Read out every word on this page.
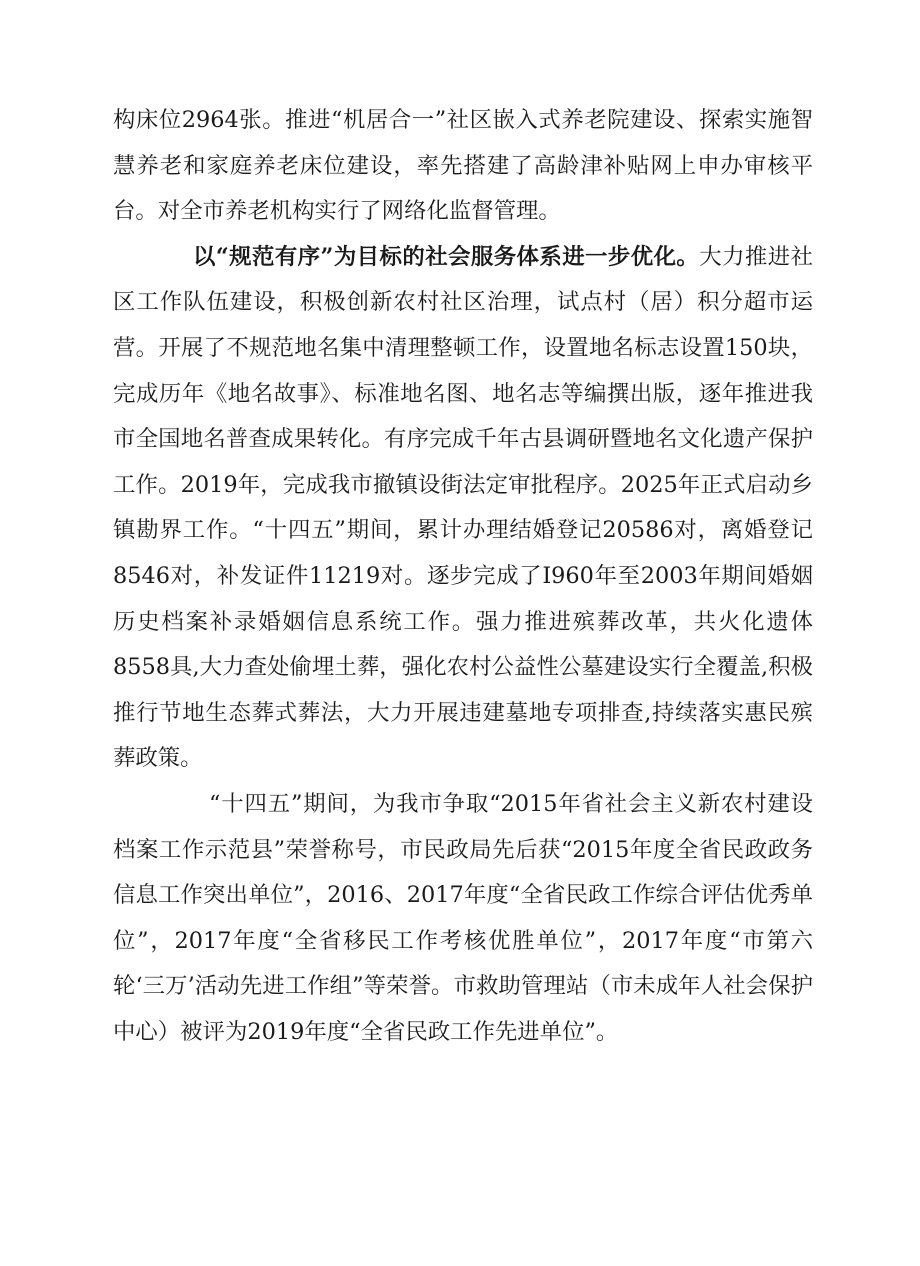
构床位2964张。推进“机居合一”社区嵌入式养老院建设、探索实施智慧养老和家庭养老床位建设，率先搭建了高龄津补贴网上申办审核平台。对全市养老机构实行了网络化监督管理。

以“规范有序”为目标的社会服务体系进一步优化。大力推进社区工作队伍建设，积极创新农村社区治理，试点村（居）积分超市运营。开展了不规范地名集中清理整顿工作，设置地名标志设置150块，完成历年《地名故事》、标准地名图、地名志等编撰出版，逐年推进我市全国地名普查成果转化。有序完成千年古县调研暨地名文化遗产保护工作。2019年，完成我市撤镇设街法定审批程序。2025年正式启动乡镇勘界工作。“十四五”期间，累计办理结婚登记20586对，离婚登记8546对，补发证件11219对。逐步完成了I960年至2003年期间婚姻历史档案补录婚姻信息系统工作。强力推进殡葬改革，共火化遗体8558具,大力查处偷埋土葬，强化农村公益性公墓建设实行全覆盖,积极推行节地生态葬式葬法，大力开展违建墓地专项排查,持续落实惠民殡葬政策。

“十四五”期间，为我市争取“2015年省社会主义新农村建设档案工作示范县”荣誉称号，市民政局先后获“2015年度全省民政政务信息工作突出单位”，2016、2017年度“全省民政工作综合评估优秀单位”，2017年度“全省移民工作考核优胜单位”，2017年度“市第六轮‘三万’活动先进工作组”等荣誉。市救助管理站（市未成年人社会保护中心）被评为2019年度“全省民政工作先进单位”。
